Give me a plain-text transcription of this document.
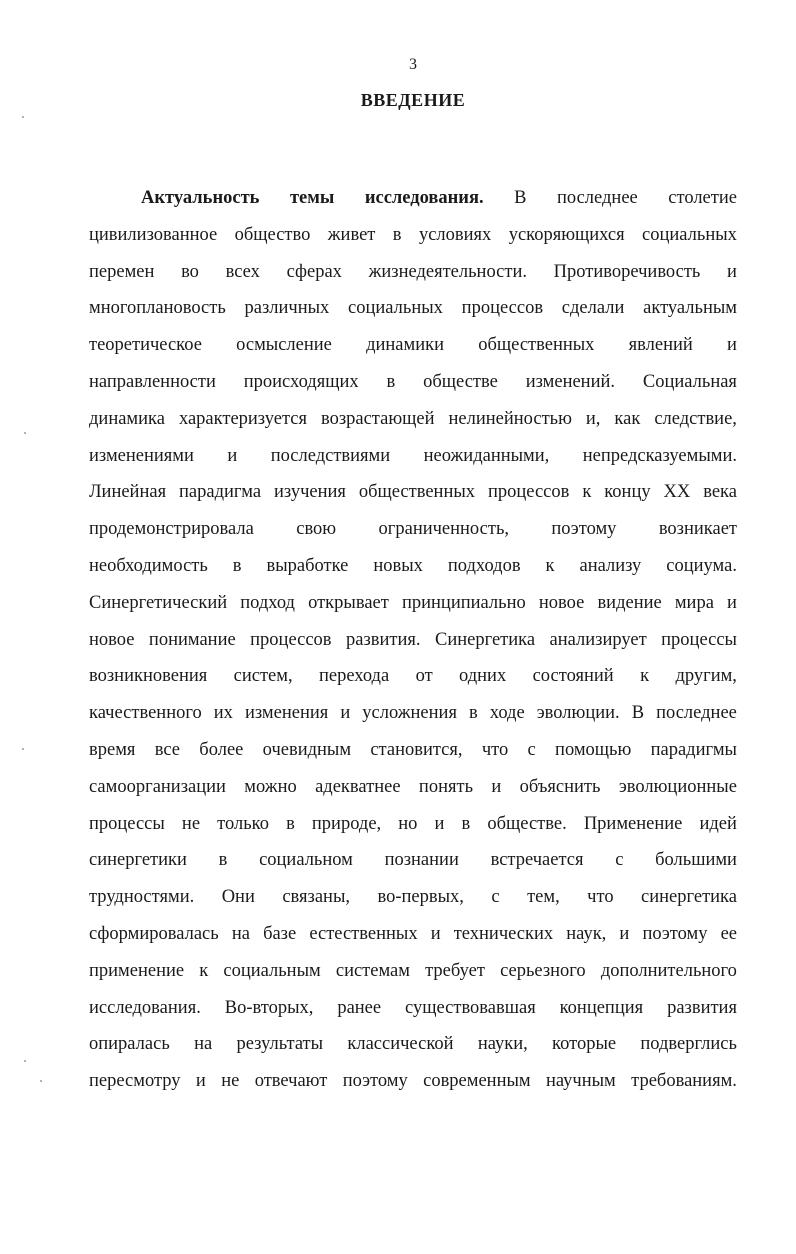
3
ВВЕДЕНИЕ
Актуальность темы исследования. В последнее столетие
цивилизованное общество живет в условиях ускоряющихся социальных
перемен во всех сферах жизнедеятельности. Противоречивость и
многоплановость различных социальных процессов сделали актуальным
теоретическое осмысление динамики общественных явлений и
направленности происходящих в обществе изменений. Социальная
динамика характеризуется возрастающей нелинейностью и, как следствие,
изменениями и последствиями неожиданными, непредсказуемыми.
Линейная парадигма изучения общественных процессов к концу XX века
продемонстрировала свою ограниченность, поэтому возникает
необходимость в выработке новых подходов к анализу социума.
Синергетический подход открывает принципиально новое видение мира и
новое понимание процессов развития. Синергетика анализирует процессы
возникновения систем, перехода от одних состояний к другим,
качественного их изменения и усложнения в ходе эволюции. В последнее
время все более очевидным становится, что с помощью парадигмы
самоорганизации можно адекватнее понять и объяснить эволюционные
процессы не только в природе, но и в обществе. Применение идей
синергетики в социальном познании встречается с большими
трудностями. Они связаны, во-первых, с тем, что синергетика
сформировалась на базе естественных и технических наук, и поэтому ее
применение к социальным системам требует серьезного дополнительного
исследования. Во-вторых, ранее существовавшая концепция развития
опиралась на результаты классической науки, которые подверглись
пересмотру и не отвечают поэтому современным научным требованиям.
